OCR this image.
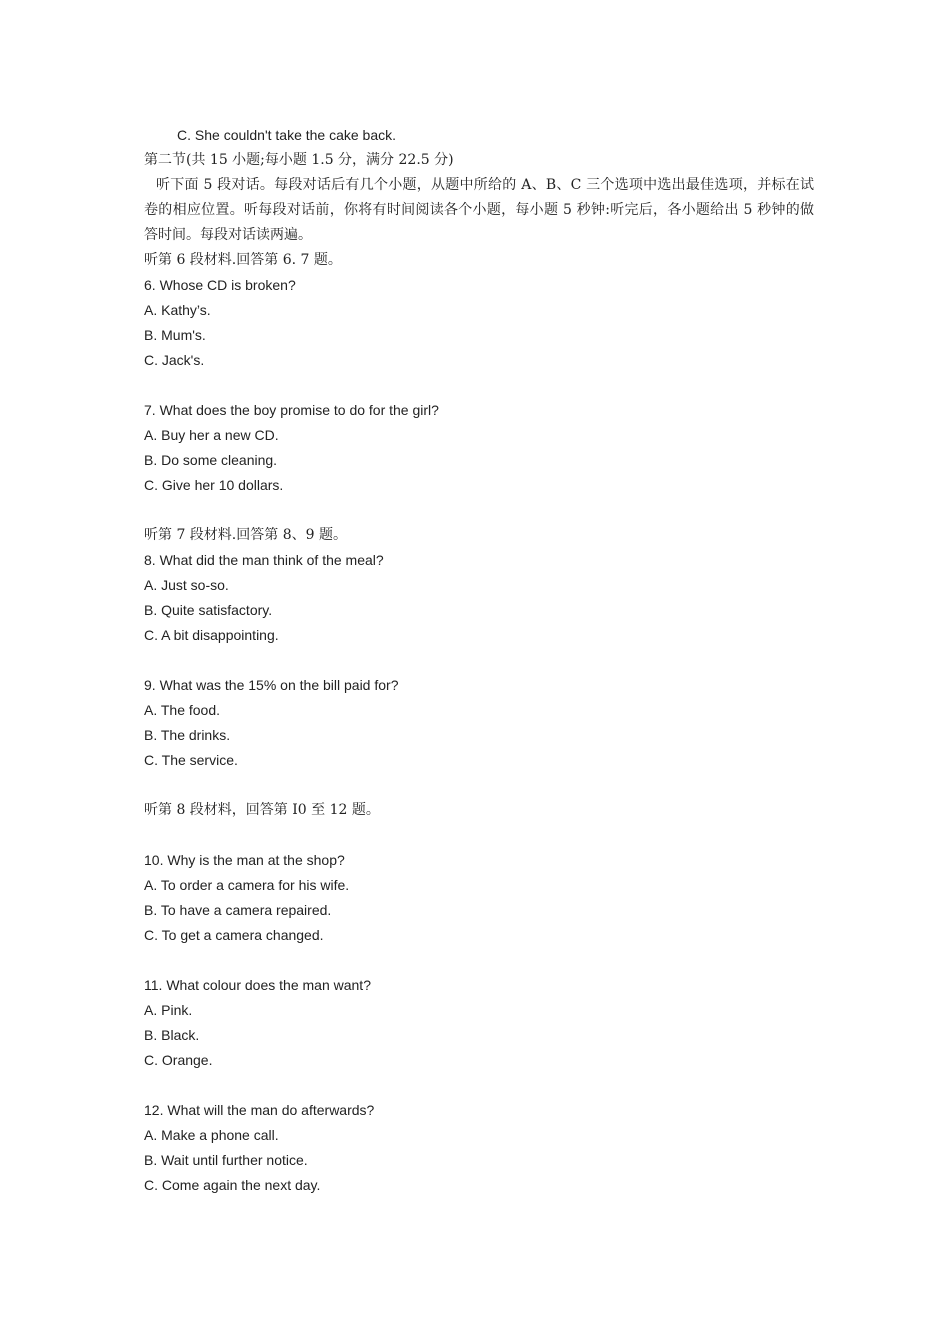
C. She couldn't take the cake back.
第二节(共 15 小题;每小题 1.5 分，满分 22.5 分)
听下面 5 段对话。每段对话后有几个小题，从题中所给的 A、B、C 三个选项中选出最佳选项，并标在试卷的相应位置。听每段对话前，你将有时间阅读各个小题，每小题 5 秒钟:听完后，各小题给出 5 秒钟的做答时间。每段对话读两遍。
听第 6 段材料.回答第 6. 7 题。
6. Whose CD is broken?
A. Kathy’s.
B. Mum's.
C. Jack's.
7. What does the boy promise to do for the girl?
A. Buy her a new CD.
B. Do some cleaning.
C. Give her 10 dollars.
听第 7 段材料.回答第 8、9 题。
8. What did the man think of the meal?
A. Just so-so.
B. Quite satisfactory.
C. A bit disappointing.
9. What was the 15% on the bill paid for?
A. The food.
B. The drinks.
C. The service.
听第 8 段材料，回答第 I0 至 12 题。
10. Why is the man at the shop?
A. To order a camera for his wife.
B. To have a camera repaired.
C. To get a camera changed.
11. What colour does the man want?
A. Pink.
B. Black.
C. Orange.
12. What will the man do afterwards?
A. Make a phone call.
B. Wait until further notice.
C. Come again the next day.
